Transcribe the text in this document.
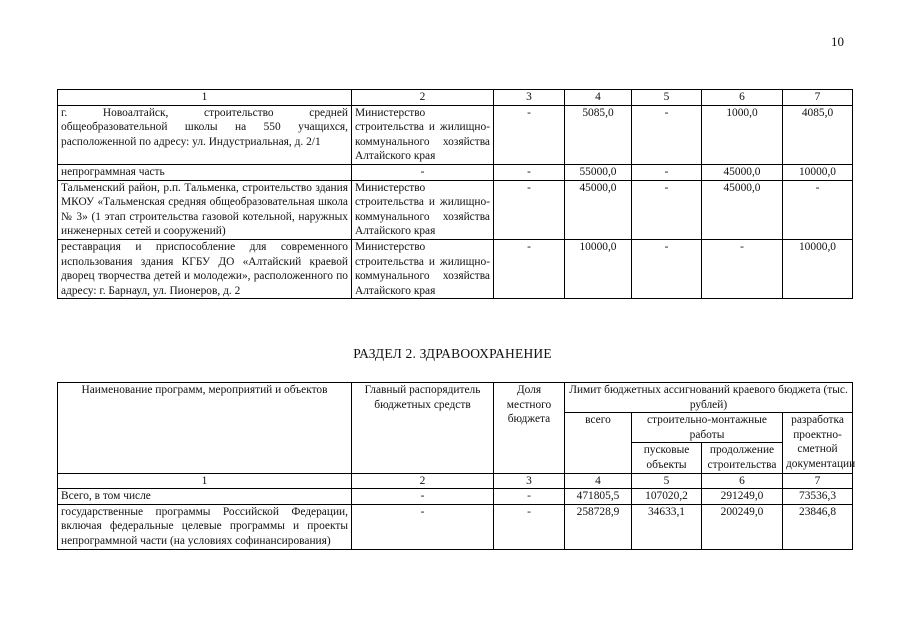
10
1	2	3	4	5	6	7
г. Новоалтайск, строительство средней общеобразовательной школы на 550 учащихся, расположенной по адресу: ул. Индустриальная, д. 2/1	Министерство строительства и жилищно-коммунального хозяйства Алтайского края	-	5085,0	-	1000,0	4085,0
непрограммная часть	-	-	55000,0	-	45000,0	10000,0
Тальменский район, р.п. Тальменка, строительство здания МКОУ «Тальменская средняя общеобразовательная школа № 3» (1 этап строительства газовой котельной, наружных инженерных сетей и сооружений)	Министерство строительства и жилищно-коммунального хозяйства Алтайского края	-	45000,0	-	45000,0	-
реставрация и приспособление для современного использования здания КГБУ ДО «Алтайский краевой дворец творчества детей и молодежи», расположенного по адресу: г. Барнаул, ул. Пионеров, д. 2	Министерство строительства и жилищно-коммунального хозяйства Алтайского края	-	10000,0	-	-	10000,0
РАЗДЕЛ 2. ЗДРАВООХРАНЕНИЕ
Наименование программ, мероприятий и объектов	Главный распорядитель бюджетных средств	Доля местного бюджета	Лимит бюджетных ассигнований краевого бюджета (тыс. рублей)			
			всего	строительно-монтажные работы		разработка проектно-сметной документации
				пусковые объекты	продолжение строительства	

1	2	3	4	5	6	7
Всего, в том числе	-	-	471805,5	107020,2	291249,0	73536,3
государственные программы Российской Федерации, включая федеральные целевые программы и проекты непрограммной части (на условиях софинансирования)	-	-	258728,9	34633,1	200249,0	23846,8
